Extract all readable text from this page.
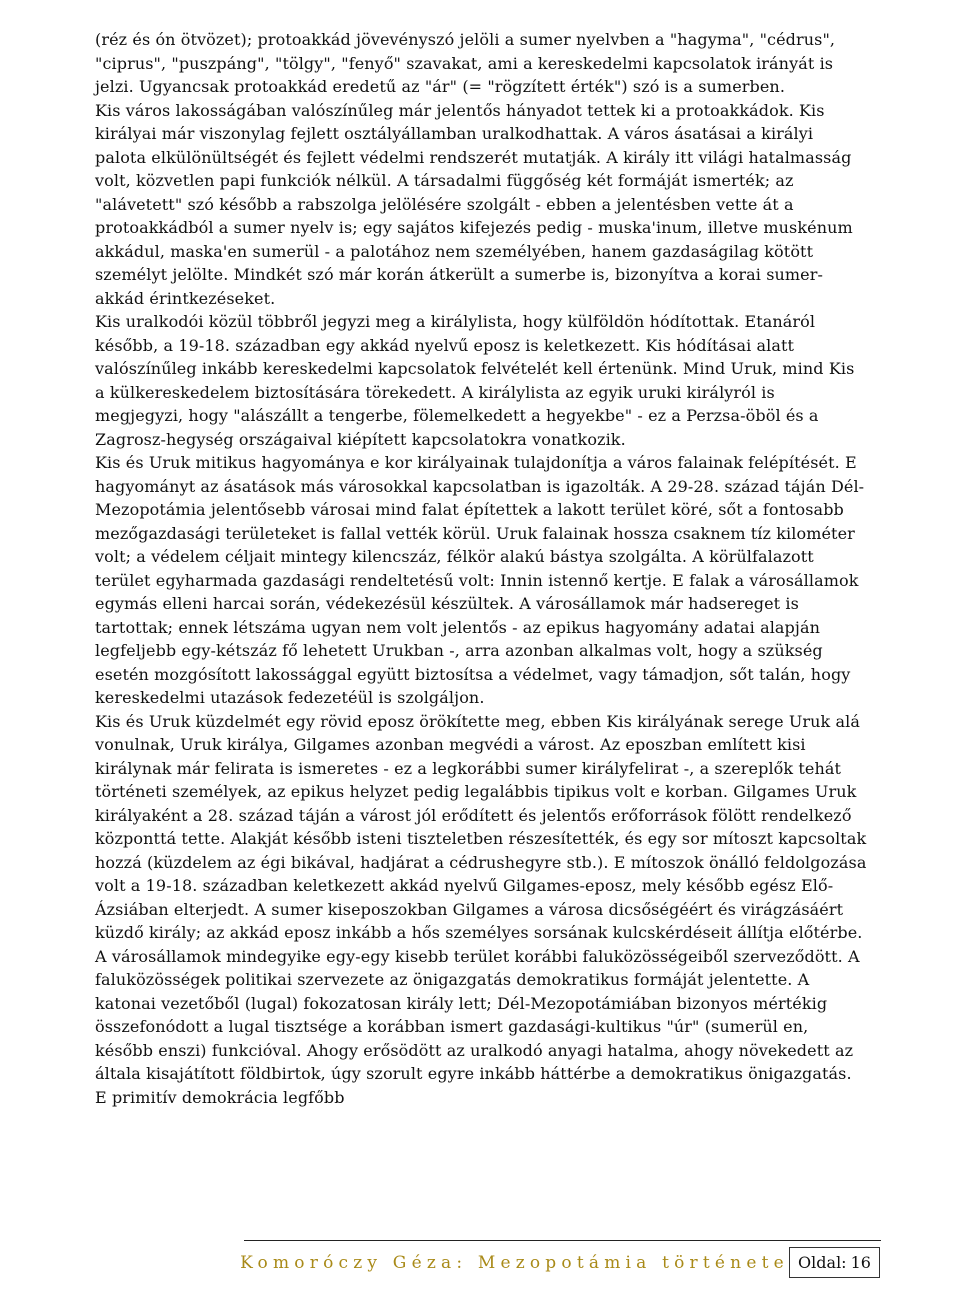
(réz és ón ötvözet); protoakkád jövevényszó jelöli a sumer nyelvben a "hagyma", "cédrus", "ciprus", "puszpáng", "tölgy", "fenyő" szavakat, ami a kereskedelmi kapcsolatok irányát is jelzi. Ugyancsak protoakkád eredetű az "ár" (= "rögzített érték") szó is a sumerben.

Kis város lakosságában valószínűleg már jelentős hányadot tettek ki a protoakkádok. Kis királyai már viszonylag fejlett osztályállamban uralkodhattak. A város ásatásai a királyi palota elkülönültségét és fejlett védelmi rendszerét mutatják. A király itt világi hatalmasság volt, közvetlen papi funkciók nélkül. A társadalmi függőség két formáját ismerték; az "alávetett" szó később a rabszolga jelölésére szolgált - ebben a jelentésben vette át a protoakkádból a sumer nyelv is; egy sajátos kifejezés pedig - muska'inum, illetve muskénum akkádul, maska'en sumerül - a palotához nem személyében, hanem gazdaságilag kötött személyt jelölte. Mindkét szó már korán átkerült a sumerbe is, bizonyítva a korai sumer-akkád érintkezéseket.

Kis uralkodói közül többről jegyzi meg a királylista, hogy külföldön hódítottak. Etanáról később, a 19-18. században egy akkád nyelvű eposz is keletkezett. Kis hódításai alatt valószínűleg inkább kereskedelmi kapcsolatok felvételét kell értenünk. Mind Uruk, mind Kis a külkereskedelem biztosítására törekedett. A királylista az egyik uruki királyról is megjegyzi, hogy "alászállt a tengerbe, fölemelkedett a hegyekbe" - ez a Perzsa-öböl és a Zagrosz-hegység országaival kiépített kapcsolatokra vonatkozik.

Kis és Uruk mitikus hagyománya e kor királyainak tulajdonítja a város falainak felépítését. E hagyományt az ásatások más városokkal kapcsolatban is igazolták. A 29-28. század táján Dél-Mezopotámia jelentősebb városai mind falat építettek a lakott terület köré, sőt a fontosabb mezőgazdasági területeket is fallal vették körül. Uruk falainak hossza csaknem tíz kilométer volt; a védelem céljait mintegy kilencszáz, félkör alakú bástya szolgálta. A körülfalazott terület egyharmada gazdasági rendeltetésű volt: Innin istennő kertje. E falak a városállamok egymás elleni harcai során, védekezésül készültek. A városállamok már hadsereget is tartottak; ennek létszáma ugyan nem volt jelentős - az epikus hagyomány adatai alapján legfeljebb egy-kétszáz fő lehetett Urukban -, arra azonban alkalmas volt, hogy a szükség esetén mozgósított lakossággal együtt biztosítsa a védelmet, vagy támadjon, sőt talán, hogy kereskedelmi utazások fedezetéül is szolgáljon.

Kis és Uruk küzdelmét egy rövid eposz örökítette meg, ebben Kis királyának serege Uruk alá vonulnak, Uruk királya, Gilgames azonban megvédi a várost. Az eposzban említett kisi királynak már felirata is ismeretes - ez a legkorábbi sumer királyfelirat -, a szereplők tehát történeti személyek, az epikus helyzet pedig legalábbis tipikus volt e korban. Gilgames Uruk királyaként a 28. század táján a várost jól erődített és jelentős erőforrások fölött rendelkező központtá tette. Alakját később isteni tiszteletben részesítették, és egy sor mítoszt kapcsoltak hozzá (küzdelem az égi bikával, hadjárat a cédrushegyre stb.). E mítoszok önálló feldolgozása volt a 19-18. században keletkezett akkád nyelvű Gilgames-eposz, mely később egész Elő-Ázsiában elterjedt. A sumer kiseposzokban Gilgames a városa dicsőségéért és virágzásáért küzdő király; az akkád eposz inkább a hős személyes sorsának kulcskérdéseit állítja előtérbe.

A városállamok mindegyike egy-egy kisebb terület korábbi faluközösségeiből szerveződött. A faluközösségek politikai szervezete az önigazgatás demokratikus formáját jelentette. A katonai vezetőből (lugal) fokozatosan király lett; Dél-Mezopotámiában bizonyos mértékig összefonódott a lugal tisztsége a korábban ismert gazdasági-kultikus "úr" (sumerül en, később enszi) funkcióval. Ahogy erősödött az uralkodó anyagi hatalma, ahogy növekedett az általa kisajátított földbirtok, úgy szorult egyre inkább háttérbe a demokratikus önigazgatás. E primitív demokrácia legfőbb

Komoróczy Géza: Mezopotámia története Oldal: 16
